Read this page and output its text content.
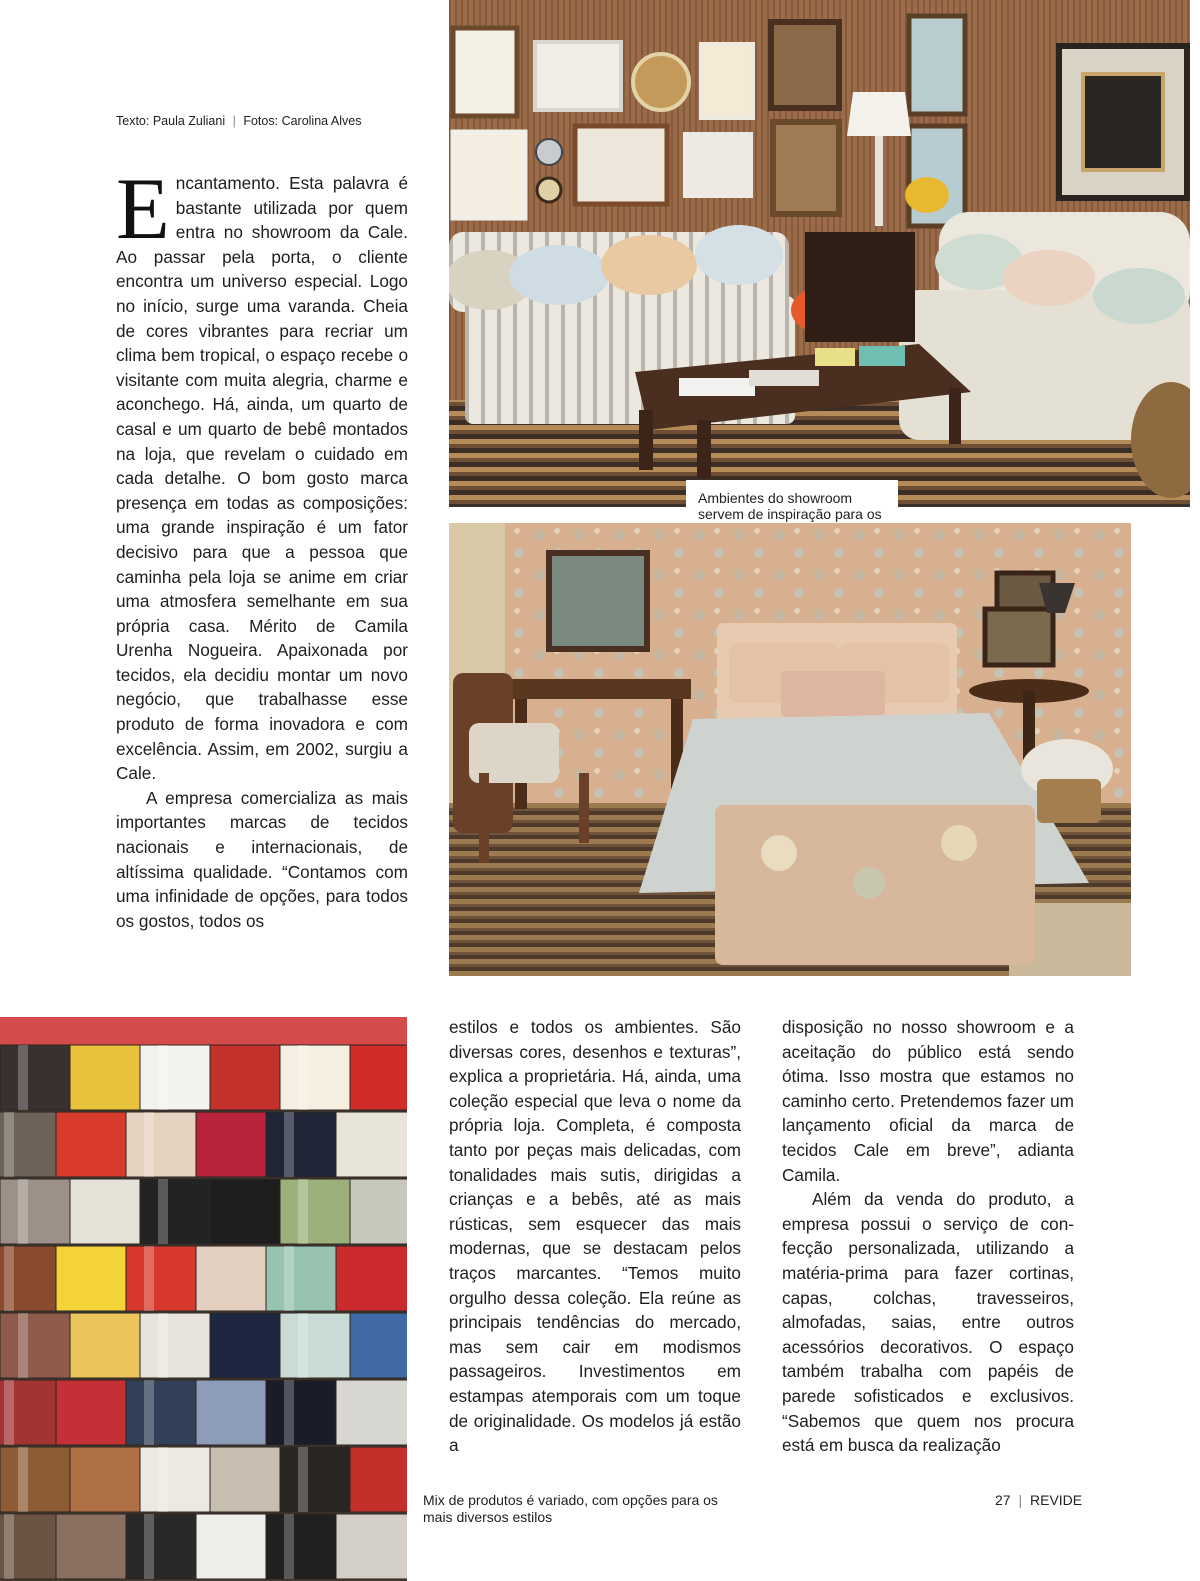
Texto: Paula Zuliani | Fotos: Carolina Alves

Encantamento. Esta palavra é bastante utilizada por quem entra no showroom da Cale. Ao passar pela porta, o cliente encontra um universo especial. Logo no início, surge uma varanda. Cheia de cores vibrantes para recriar um clima bem tropical, o espaço recebe o visitante com muita alegria, charme e aconchego. Há, ainda, um quarto de casal e um quarto de bebê montados na loja, que revelam o cuidado em cada detalhe. O bom gosto marca presença em todas as composições: uma grande inspiração é um fator decisivo para que a pessoa que caminha pela loja se anime em criar uma atmosfera semelhante em sua própria casa. Mérito de Camila Urenha Nogueira. Apaixonada por tecidos, ela decidiu montar um novo negócio, que trabalhasse esse produto de forma inovadora e com excelência. Assim, em 2002, surgiu a Cale.

A empresa comercializa as mais importantes marcas de tecidos nacionais e internacionais, de altíssima qualidade. “Contamos com uma infinidade de opções, para todos os gostos, todos os

estilos e todos os ambientes. São diversas cores, desenhos e texturas”, explica a proprietária. Há, ainda, uma coleção especial que leva o nome da própria loja. Completa, é composta tanto por peças mais delicadas, com tonalidades mais sutis, dirigidas a crianças e a bebês, até as mais rústicas, sem esquecer das mais modernas, que se destacam pelos traços marcantes. “Temos muito orgulho dessa coleção. Ela reúne as principais tendências do mercado, mas sem cair em modismos passageiros. Investimentos em estampas atemporais com um toque de originalidade. Os modelos já estão a

disposição no nosso showroom e a aceitação do público está sendo ótima. Isso mostra que estamos no caminho certo. Pretendemos fazer um lançamento oficial da marca de tecidos Cale em breve”, adianta Camila.

Além da venda do produto, a empresa possui o serviço de confecção personalizada, utilizando a matéria-prima para fazer cortinas, capas, colchas, travesseiros, almofadas, saias, entre outros acessórios decorativos. O espaço também trabalha com papéis de parede sofisticados e exclusivos. “Sabemos que quem nos procura está em busca da realização

Ambientes do showroom servem de inspiração para os
Mix de produtos é variado, com opções para os mais diversos estilos
27 | REVIDE
